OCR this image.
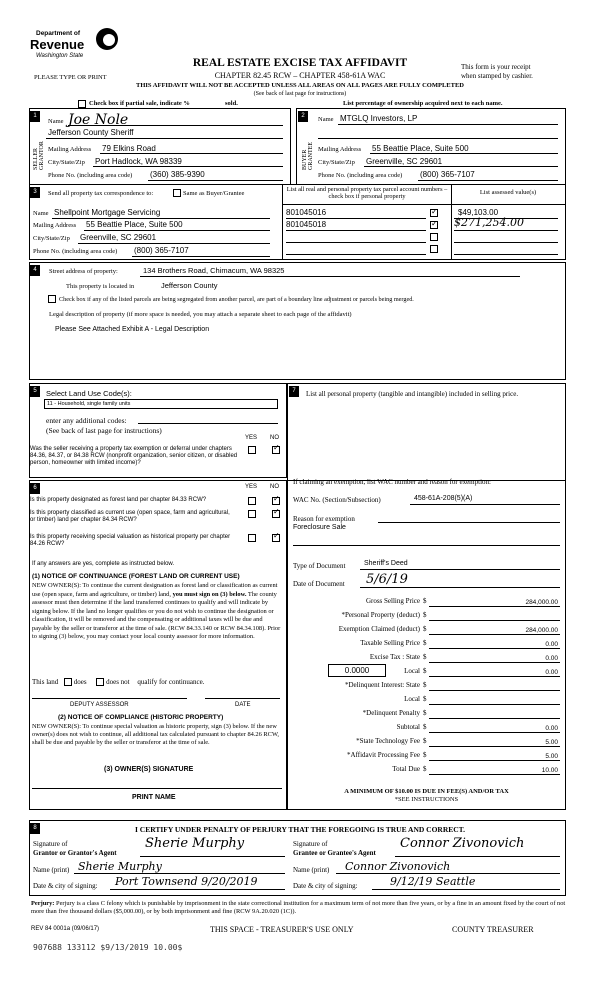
Department of
Revenue
Washington State
PLEASE TYPE OR PRINT
REAL ESTATE EXCISE TAX AFFIDAVIT
CHAPTER 82.45 RCW – CHAPTER 458-61A WAC
THIS AFFIDAVIT WILL NOT BE ACCEPTED UNLESS ALL AREAS ON ALL PAGES ARE FULLY COMPLETED
(See back of last page for instructions)
This form is your receipt
when stamped by cashier.
Check box if partial sale, indicate %	sold.	List percentage of ownership acquired next to each name.
1
SELLER GRANTOR
Name Joe Nole
Jefferson County Sheriff
Mailing Address 79 Elkins Road
City/State/Zip Port Hadlock, WA 98339
Phone No. (including area code) (360) 385-9390
2
BUYER GRANTEE
Name MTGLQ Investors, LP
Mailing Address 55 Beattie Place, Suite 500
City/State/Zip Greenville, SC 29601
Phone No. (including area code) (800) 365-7107
3	Send all property tax correspondence to:	Same as Buyer/Grantee
Name Shellpoint Mortgage Servicing
Mailing Address 55 Beattie Place, Suite 500
City/State/Zip Greenville, SC 29601
Phone No. (including area code) (800) 365-7107
List all real and personal property tax parcel account numbers – check box if personal property
List assessed value(s)
801045016 ✓	$49,103.00
801045018 ✓	$271,254.00
4	Street address of property:	134 Brothers Road, Chimacum, WA 98325
This property is located in	Jefferson County
Check box if any of the listed parcels are being segregated from another parcel, are part of a boundary line adjustment or parcels being merged.
Legal description of property (if more space is needed, you may attach a separate sheet to each page of the affidavit)
Please See Attached Exhibit A - Legal Description
5	Select Land Use Code(s):
11 - Household, single family units
enter any additional codes:
(See back of last page for instructions)
YES NO
Was the seller receiving a property tax exemption or deferral under chapters 84.36, 84.37, or 84.38 RCW (nonprofit organization, senior citizen, or disabled person, homeowner with limited income)?
✓
6	YES NO
Is this property designated as forest land per chapter 84.33 RCW?
✓
Is this property classified as current use (open space, farm and agricultural, or timber) land per chapter 84.34 RCW?
✓
Is this property receiving special valuation as historical property per chapter 84.26 RCW?
✓
If any answers are yes, complete as instructed below.
(1) NOTICE OF CONTINUANCE (FOREST LAND OR CURRENT USE)
NEW OWNER(S): To continue the current designation as forest land or classification as current use (open space, farm and agriculture, or timber) land, you must sign on (3) below. The county assessor must then determine if the land transferred continues to qualify and will indicate by signing below. If the land no longer qualifies or you do not wish to continue the designation or classification, it will be removed and the compensating or additional taxes will be due and payable by the seller or transferor at the time of sale. (RCW 84.33.140 or RCW 84.34.108). Prior to signing (3) below, you may contact your local county assessor for more information.
This land does	does not qualify for continuance.
DEPUTY ASSESSOR	DATE
(2) NOTICE OF COMPLIANCE (HISTORIC PROPERTY)
NEW OWNER(S): To continue special valuation as historic property, sign (3) below. If the new owner(s) does not wish to continue, all additional tax calculated pursuant to chapter 84.26 RCW, shall be due and payable by the seller or transferor at the time of sale.
(3) OWNER(S) SIGNATURE
PRINT NAME
7	List all personal property (tangible and intangible) included in selling price.
If claiming an exemption, list WAC number and reason for exemption:
WAC No. (Section/Subsection)	458-61A-208(5)(A)
Reason for exemption
Foreclosure Sale
Type of Document	Sheriff's Deed
Date of Document 5/6/19
Gross Selling Price $	284,000.00
*Personal Property (deduct) $
Exemption Claimed (deduct) $	284,000.00
Taxable Selling Price $	0.00
Excise Tax : State $	0.00
0.0000	Local $	0.00
*Delinquent Interest: State $
Local $
*Delinquent Penalty $
Subtotal $	0.00
*State Technology Fee $	5.00
*Affidavit Processing Fee $	5.00
Total Due $	10.00
A MINIMUM OF $10.00 IS DUE IN FEE(S) AND/OR TAX
*SEE INSTRUCTIONS
8	I CERTIFY UNDER PENALTY OF PERJURY THAT THE FOREGOING IS TRUE AND CORRECT.
Signature of
Grantor or Grantor's Agent
Sherie Murphy
Name (print) Sherie Murphy
Date & city of signing: Port Townsend 9/20/2019
Signature of
Grantee or Grantee's Agent
Connor Zivonovich
Name (print) Connor Zivonovich
Date & city of signing:	9/12/19 Seattle
Perjury: Perjury is a class C felony which is punishable by imprisonment in the state correctional institution for a maximum term of not more than five years, or by a fine in an amount fixed by the court of not more than five thousand dollars ($5,000.00), or by both imprisonment and fine (RCW 9A.20.020 (1C)).
REV 84 0001a (09/06/17)	THIS SPACE - TREASURER'S USE ONLY	COUNTY TREASURER
907688 133112 $9/13/2019 10.00$
